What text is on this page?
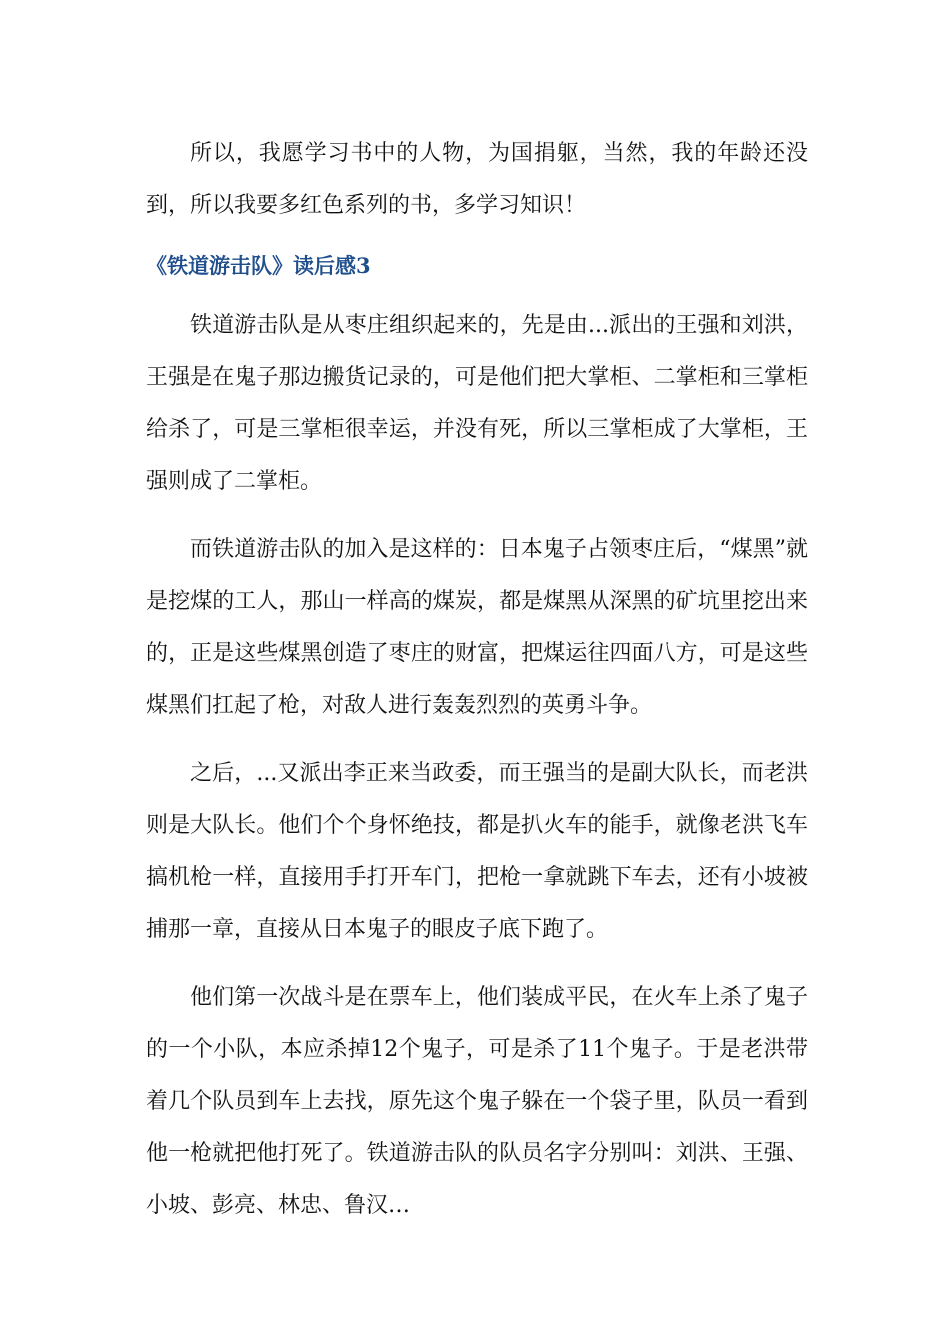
所以，我愿学习书中的人物，为国捐躯，当然，我的年龄还没到，所以我要多红色系列的书，多学习知识！

《铁道游击队》读后感3

铁道游击队是从枣庄组织起来的，先是由...派出的王强和刘洪，王强是在鬼子那边搬货记录的，可是他们把大掌柜、二掌柜和三掌柜给杀了，可是三掌柜很幸运，并没有死，所以三掌柜成了大掌柜，王强则成了二掌柜。

而铁道游击队的加入是这样的：日本鬼子占领枣庄后，“煤黑”就是挖煤的工人，那山一样高的煤炭，都是煤黑从深黑的矿坑里挖出来的，正是这些煤黑创造了枣庄的财富，把煤运往四面八方，可是这些煤黑们扛起了枪，对敌人进行轰轰烈烈的英勇斗争。

之后，...又派出李正来当政委，而王强当的是副大队长，而老洪则是大队长。他们个个身怀绝技，都是扒火车的能手，就像老洪飞车搞机枪一样，直接用手打开车门，把枪一拿就跳下车去，还有小坡被捕那一章，直接从日本鬼子的眼皮子底下跑了。

他们第一次战斗是在票车上，他们装成平民，在火车上杀了鬼子的一个小队，本应杀掉12个鬼子，可是杀了11个鬼子。于是老洪带着几个队员到车上去找，原先这个鬼子躲在一个袋子里，队员一看到他一枪就把他打死了。铁道游击队的队员名字分别叫：刘洪、王强、小坡、彭亮、林忠、鲁汉…
